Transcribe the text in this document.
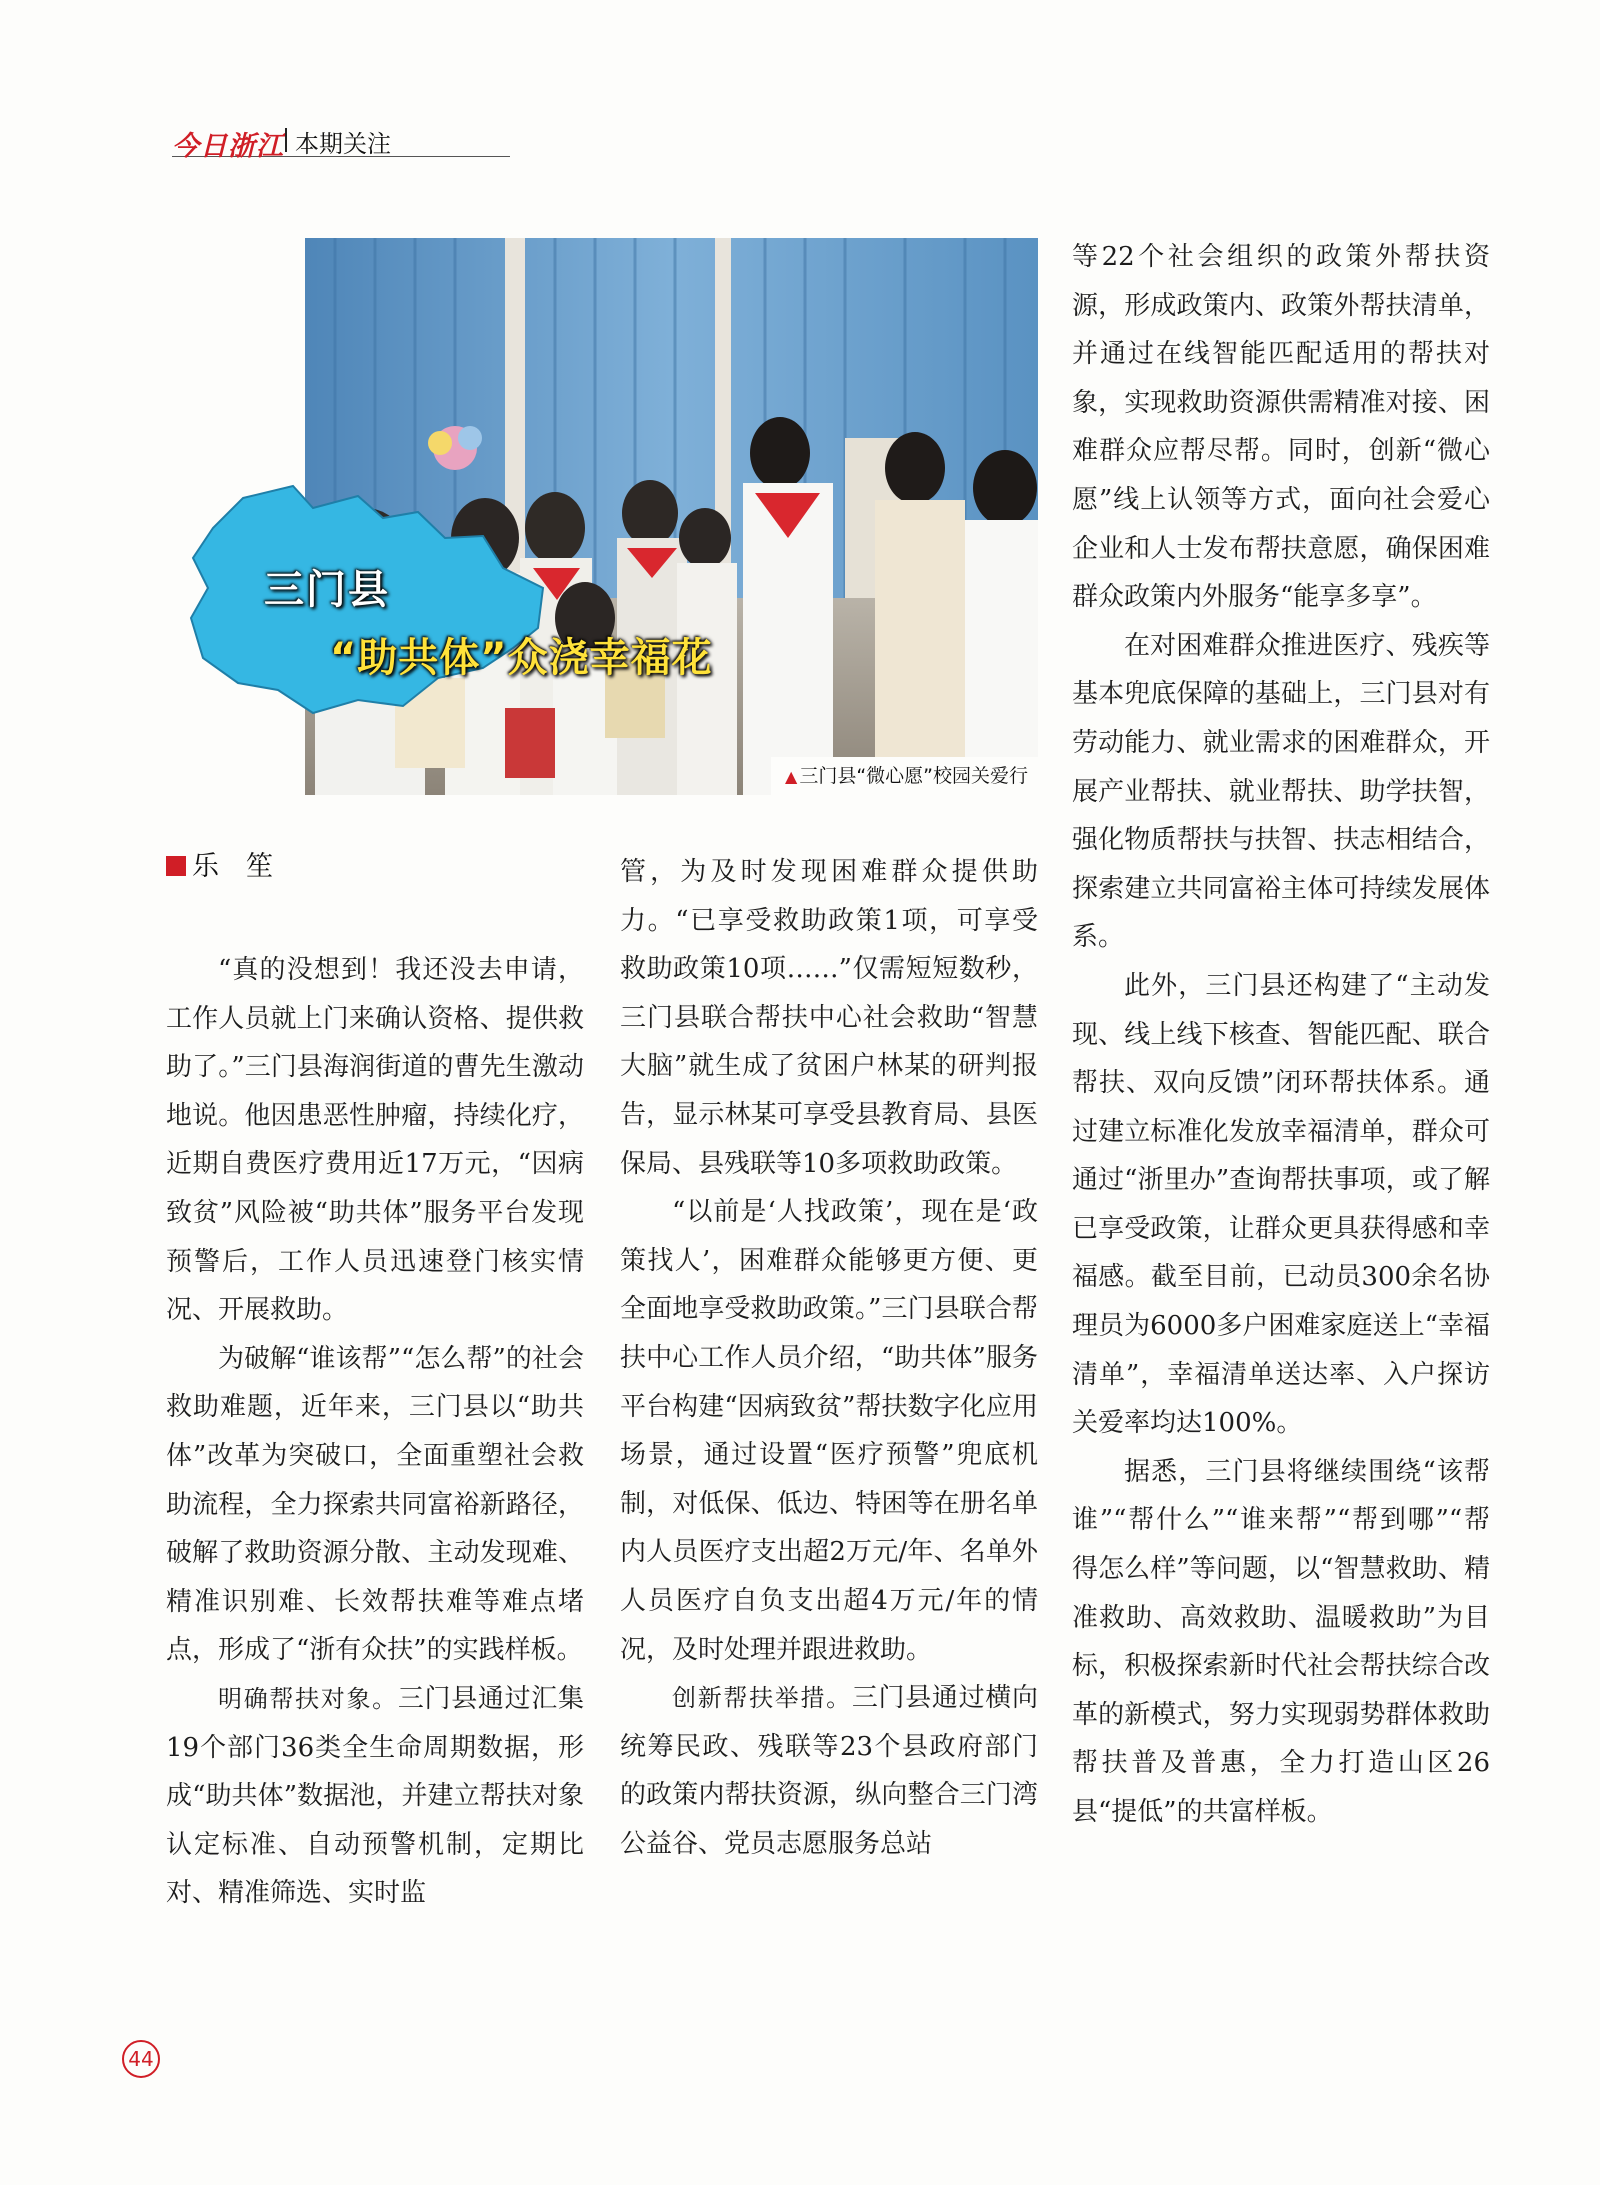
今日浙江 本期关注
▲ 三门县“微心愿”校园关爱行
三门县
“助共体”众浇幸福花
乐　笙

“真的没想到！我还没去申请，工作人员就上门来确认资格、提供救助了。”三门县海润街道的曹先生激动地说。他因患恶性肿瘤，持续化疗，近期自费医疗费用近17万元，“因病致贫”风险被“助共体”服务平台发现预警后，工作人员迅速登门核实情况、开展救助。

为破解“谁该帮”“怎么帮”的社会救助难题，近年来，三门县以“助共体”改革为突破口，全面重塑社会救助流程，全力探索共同富裕新路径，破解了救助资源分散、主动发现难、精准识别难、长效帮扶难等难点堵点，形成了“浙有众扶”的实践样板。

明确帮扶对象。三门县通过汇集19个部门36类全生命周期数据，形成“助共体”数据池，并建立帮扶对象认定标准、自动预警机制，定期比对、精准筛选、实时监

管，为及时发现困难群众提供助力。“已享受救助政策1项，可享受救助政策10项……”仅需短短数秒，三门县联合帮扶中心社会救助“智慧大脑”就生成了贫困户林某的研判报告，显示林某可享受县教育局、县医保局、县残联等10多项救助政策。

“以前是‘人找政策’，现在是‘政策找人’，困难群众能够更方便、更全面地享受救助政策。”三门县联合帮扶中心工作人员介绍，“助共体”服务平台构建“因病致贫”帮扶数字化应用场景，通过设置“医疗预警”兜底机制，对低保、低边、特困等在册名单内人员医疗支出超2万元/年、名单外人员医疗自负支出超4万元/年的情况，及时处理并跟进救助。

创新帮扶举措。三门县通过横向统筹民政、残联等23个县政府部门的政策内帮扶资源，纵向整合三门湾公益谷、党员志愿服务总站

等22个社会组织的政策外帮扶资源，形成政策内、政策外帮扶清单，并通过在线智能匹配适用的帮扶对象，实现救助资源供需精准对接、困难群众应帮尽帮。同时，创新“微心愿”线上认领等方式，面向社会爱心企业和人士发布帮扶意愿，确保困难群众政策内外服务“能享多享”。

在对困难群众推进医疗、残疾等基本兜底保障的基础上，三门县对有劳动能力、就业需求的困难群众，开展产业帮扶、就业帮扶、助学扶智，强化物质帮扶与扶智、扶志相结合，探索建立共同富裕主体可持续发展体系。

此外，三门县还构建了“主动发现、线上线下核查、智能匹配、联合帮扶、双向反馈”闭环帮扶体系。通过建立标准化发放幸福清单，群众可通过“浙里办”查询帮扶事项，或了解已享受政策，让群众更具获得感和幸福感。截至目前，已动员300余名协理员为6000多户困难家庭送上“幸福清单”，幸福清单送达率、入户探访关爱率均达100%。

据悉，三门县将继续围绕“该帮谁”“帮什么”“谁来帮”“帮到哪”“帮得怎么样”等问题，以“智慧救助、精准救助、高效救助、温暖救助”为目标，积极探索新时代社会帮扶综合改革的新模式，努力实现弱势群体救助帮扶普及普惠，全力打造山区26县“提低”的共富样板。

44
